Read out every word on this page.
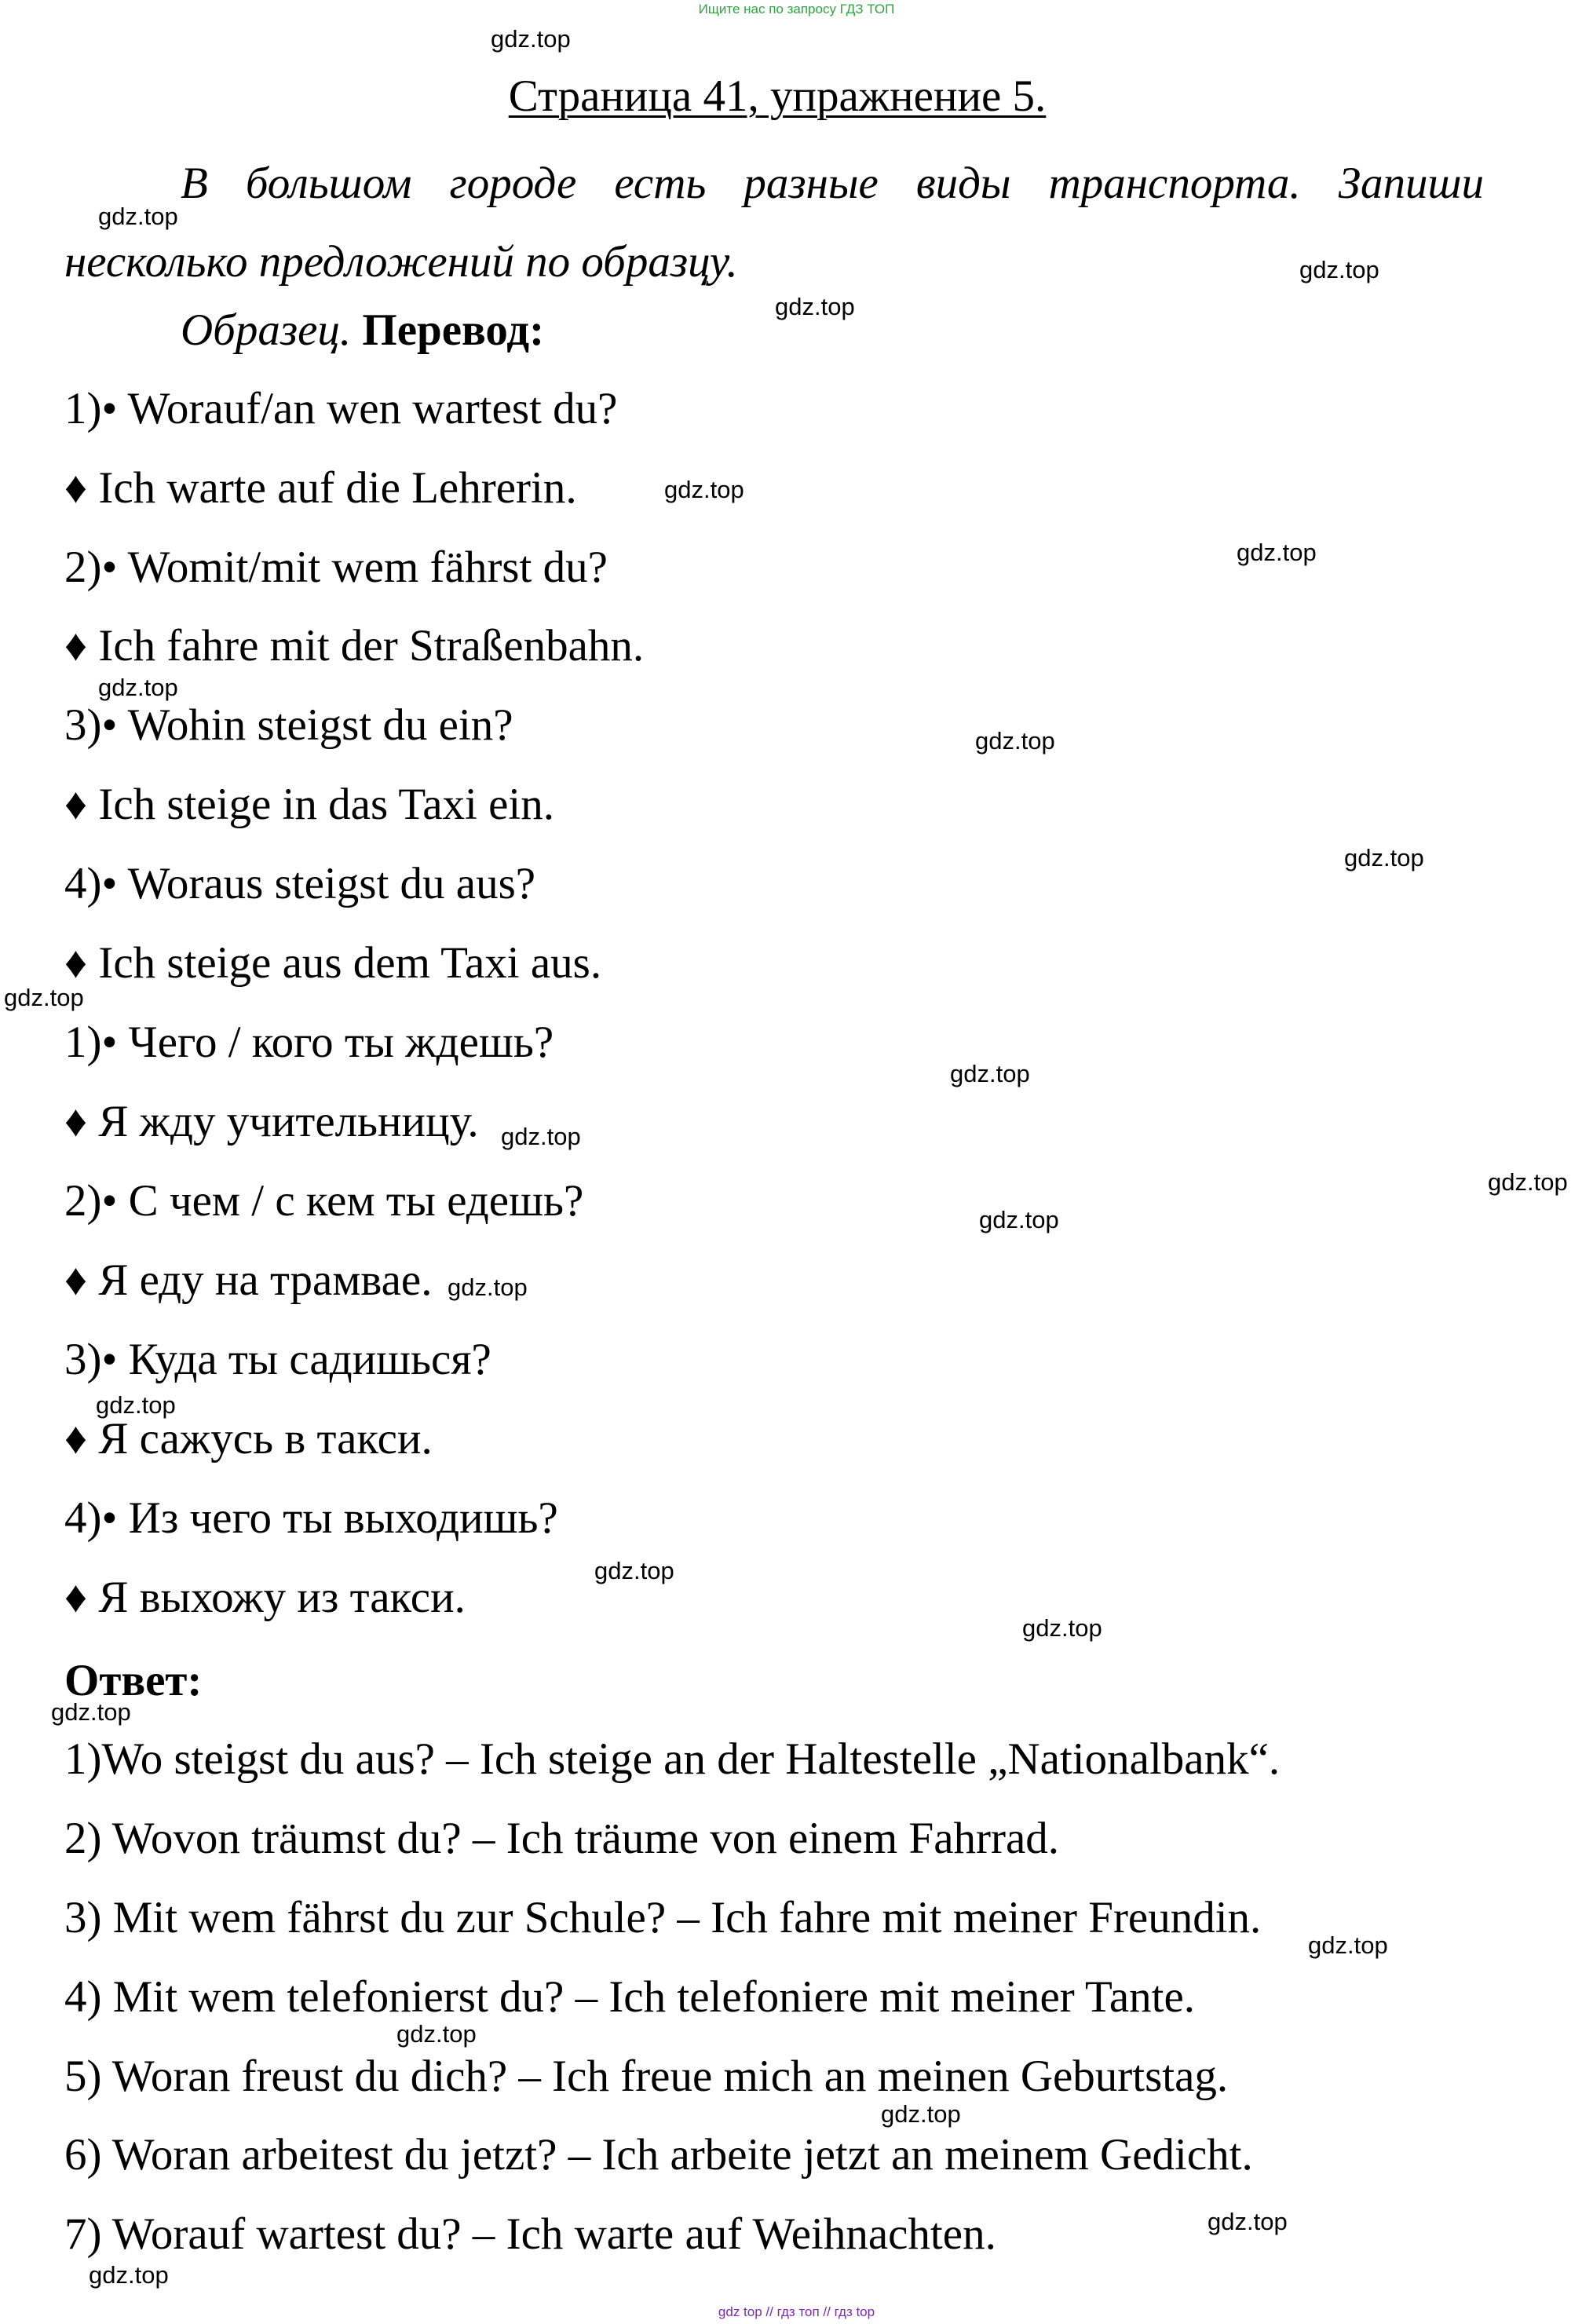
Ищите нас по запросу ГДЗ ТОП
Страница 41, упражнение 5.
В большом городе есть разные виды транспорта. Запиши несколько предложений по образцу.
Образец. Перевод:
1)• Worauf/an wen wartest du?
♦ Ich warte auf die Lehrerin.
2)• Womit/mit wem fährst du?
♦ Ich fahre mit der Straßenbahn.
3)• Wohin steigst du ein?
♦ Ich steige in das Taxi ein.
4)• Woraus steigst du aus?
♦ Ich steige aus dem Taxi aus.
1)• Чего / кого ты ждешь?
♦ Я жду учительницу.
2)• С чем / с кем ты едешь?
♦ Я еду на трамвае.
3)• Куда ты садишься?
♦ Я сажусь в такси.
4)• Из чего ты выходишь?
♦ Я выхожу из такси.
Ответ:
1)Wo steigst du aus? – Ich steige an der Haltestelle „Nationalbank“.
2) Wovon träumst du? – Ich träume von einem Fahrrad.
3) Mit wem fährst du zur Schule? – Ich fahre mit meiner Freundin.
4) Mit wem telefonierst du? – Ich telefoniere mit meiner Tante.
5) Woran freust du dich? – Ich freue mich an meinen Geburtstag.
6) Woran arbeitest du jetzt? – Ich arbeite jetzt an meinem Gedicht.
7) Worauf wartest du? – Ich warte auf Weihnachten.
gdz.top
gdz.top
gdz.top
gdz.top
gdz.top
gdz.top
gdz.top
gdz.top
gdz.top
gdz.top
gdz.top
gdz.top
gdz.top
gdz.top
gdz.top
gdz.top
gdz.top
gdz.top
gdz.top
gdz.top
gdz.top
gdz.top
gdz.top
gdz.top
gdz top // гдз топ // гдз top
